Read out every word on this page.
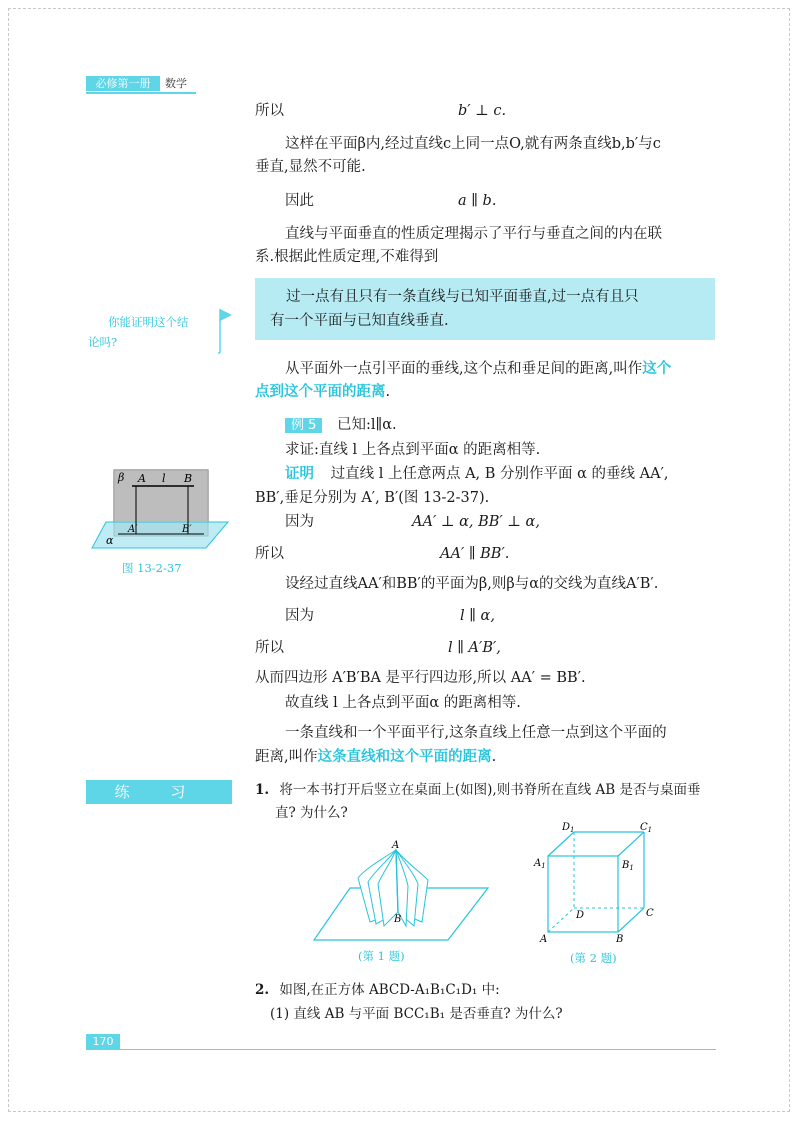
必修第一册	数学
所以	b′ ⊥ c.
这样在平面β内,经过直线c上同一点O,就有两条直线b,b′与c
垂直,显然不可能.
因此	a ∥ b.
直线与平面垂直的性质定理揭示了平行与垂直之间的内在联
系.根据此性质定理,不难得到
过一点有且只有一条直线与已知平面垂直,过一点有且只
有一个平面与已知直线垂直.
你能证明这个结
论吗?
从平面外一点引平面的垂线,这个点和垂足间的距离,叫作这个
点到这个平面的距离.
例 5 已知:l∥α.
求证:直线 l 上各点到平面α 的距离相等.
证明 过直线 l 上任意两点 A, B 分别作平面 α 的垂线 AA′,
BB′,垂足分别为 A′, B′(图 13-2-37).
因为	AA′ ⊥ α, BB′ ⊥ α,
所以	AA′ ∥ BB′.
设经过直线AA′和BB′的平面为β,则β与α的交线为直线A′B′.
因为	l ∥ α,
所以	l ∥ A′B′,
从而四边形 A′B′BA 是平行四边形,所以 AA′ = BB′.
故直线 l 上各点到平面α 的距离相等.
一条直线和一个平面平行,这条直线上任意一点到这个平面的
距离,叫作这条直线和这个平面的距离.
β A l B
A′	B′
α
图 13-2-37
练 习	1. 将一本书打开后竖立在桌面上(如图),则书脊所在直线 AB 是否与桌面垂
直? 为什么?
A
B
(第 1 题)
$D_1$	$C_1$
$A_1$	$B_1$
D	C
A	B
(第 2 题)
2. 如图,在正方体 ABCD-A₁B₁C₁D₁ 中:
(1) 直线 AB 与平面 BCC₁B₁ 是否垂直? 为什么?
170
